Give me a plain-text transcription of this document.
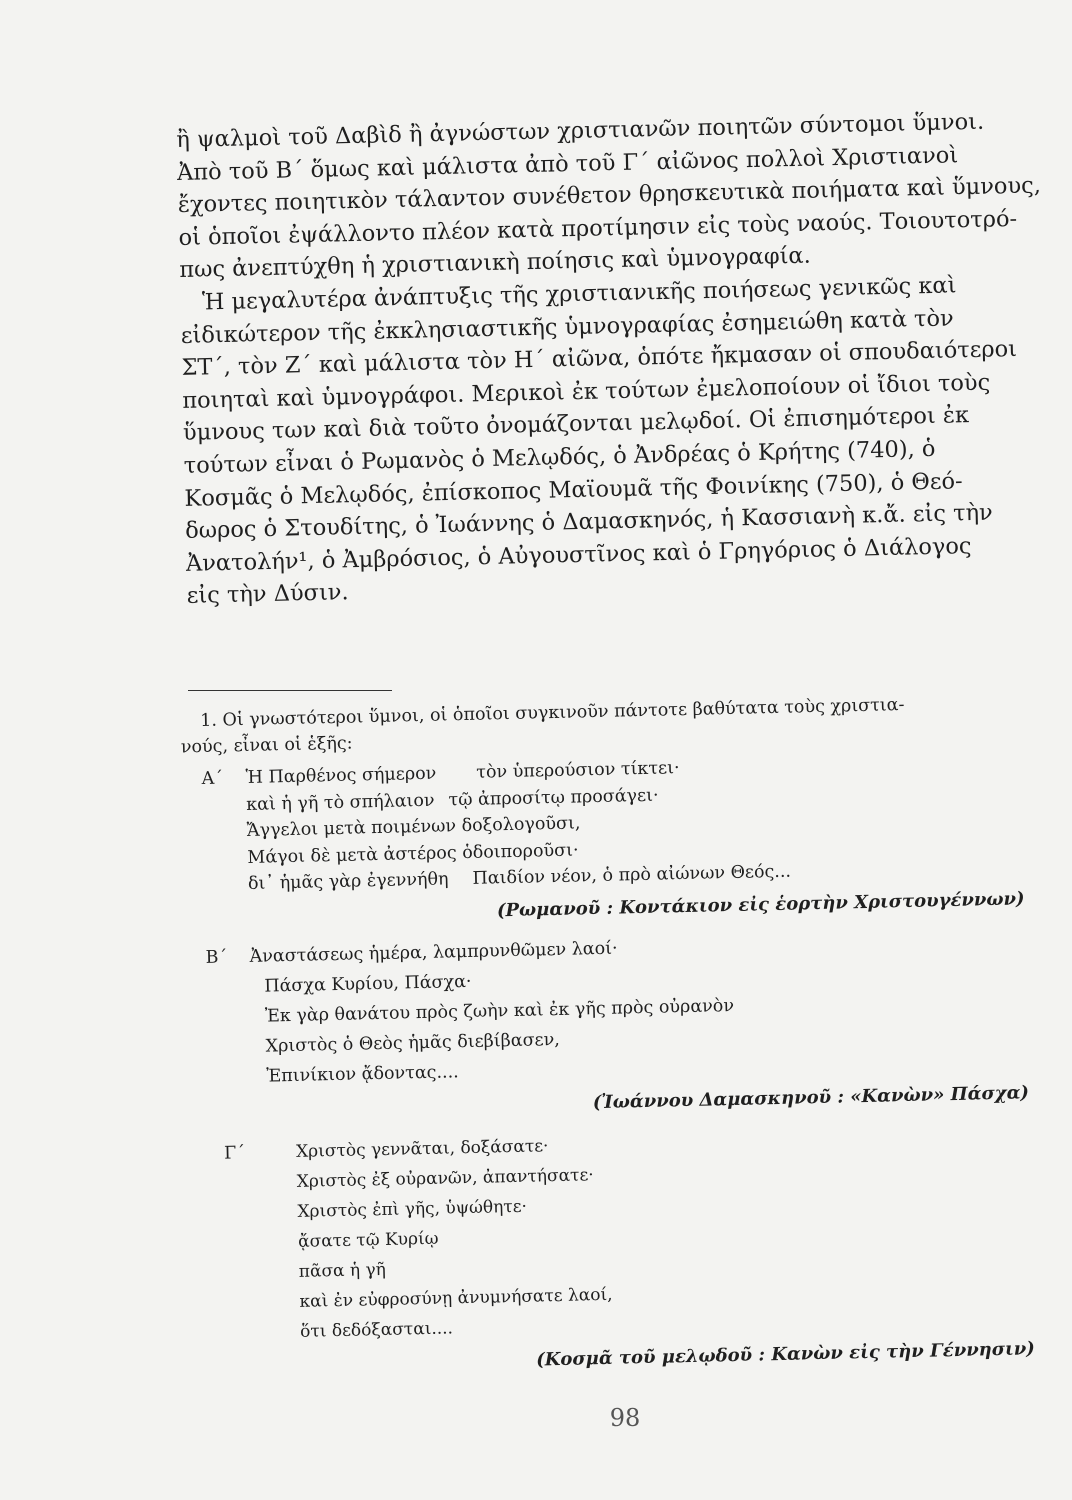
ἢ ψαλμοὶ τοῦ Δαβὶδ ἢ ἀγνώστων χριστιανῶν ποιητῶν σύντομοι ὕμνοι.
Ἀπὸ τοῦ Β΄ ὅμως καὶ μάλιστα ἀπὸ τοῦ Γ΄ αἰῶνος πολλοὶ Χριστιανοὶ
ἔχοντες ποιητικὸν τάλαντον συνέθετον θρησκευτικὰ ποιήματα καὶ ὕμνους,
οἱ ὁποῖοι ἐψάλλοντο πλέον κατὰ προτίμησιν εἰς τοὺς ναούς. Τοιουτοτρό-
πως ἀνεπτύχθη ἡ χριστιανικὴ ποίησις καὶ ὑμνογραφία.
Ἡ μεγαλυτέρα ἀνάπτυξις τῆς χριστιανικῆς ποιήσεως γενικῶς καὶ
εἰδικώτερον τῆς ἐκκλησιαστικῆς ὑμνογραφίας ἐσημειώθη κατὰ τὸν
ΣΤ΄, τὸν Ζ΄ καὶ μάλιστα τὸν Η΄ αἰῶνα, ὁπότε ἤκμασαν οἱ σπουδαιότεροι
ποιηταὶ καὶ ὑμνογράφοι. Μερικοὶ ἐκ τούτων ἐμελοποίουν οἱ ἴδιοι τοὺς
ὕμνους των καὶ διὰ τοῦτο ὀνομάζονται μελῳδοί. Οἱ ἐπισημότεροι ἐκ
τούτων εἶναι ὁ Ρωμανὸς ὁ Μελῳδός, ὁ Ἀνδρέας ὁ Κρήτης (740), ὁ
Κοσμᾶς ὁ Μελῳδός, ἐπίσκοπος Μαϊουμᾶ τῆς Φοινίκης (750), ὁ Θεό-
δωρος ὁ Στουδίτης, ὁ Ἰωάννης ὁ Δαμασκηνός, ἡ Κασσιανὴ κ.ἄ. εἰς τὴν
Ἀνατολήν¹, ὁ Ἀμβρόσιος, ὁ Αὐγουστῖνος καὶ ὁ Γρηγόριος ὁ Διάλογος
εἰς τὴν Δύσιν.
1. Οἱ γνωστότεροι ὕμνοι, οἱ ὁποῖοι συγκινοῦν πάντοτε βαθύτατα τοὺς χριστια-
νούς, εἶναι οἱ ἑξῆς:
Α΄	Ἡ Παρθένος σήμερον τὸν ὑπερούσιον τίκτει·
καὶ ἡ γῆ τὸ σπήλαιον τῷ ἀπροσίτῳ προσάγει·
Ἄγγελοι μετὰ ποιμένων δοξολογοῦσι,
Μάγοι δὲ μετὰ ἀστέρος ὁδοιποροῦσι·
δι᾿ ἡμᾶς γὰρ ἐγεννήθη Παιδίον νέον, ὁ πρὸ αἰώνων Θεός...
(Ρωμανοῦ : Κοντάκιον εἰς ἑορτὴν Χριστουγέννων)
Β΄	Ἀναστάσεως ἡμέρα, λαμπρυνθῶμεν λαοί·
Πάσχα Κυρίου, Πάσχα·
Ἐκ γὰρ θανάτου πρὸς ζωὴν καὶ ἐκ γῆς πρὸς οὐρανὸν
Χριστὸς ὁ Θεὸς ἡμᾶς διεβίβασεν,
Ἐπινίκιον ᾄδοντας....
(Ἰωάννου Δαμασκηνοῦ : «Κανὼν» Πάσχα)
Γ΄	Χριστὸς γεννᾶται, δοξάσατε·
Χριστὸς ἐξ οὐρανῶν, ἀπαντήσατε·
Χριστὸς ἐπὶ γῆς, ὑψώθητε·
ᾄσατε τῷ Κυρίῳ
πᾶσα ἡ γῆ
καὶ ἐν εὐφροσύνῃ ἀνυμνήσατε λαοί,
ὅτι δεδόξασται....
(Κοσμᾶ τοῦ μελῳδοῦ : Κανὼν εἰς τὴν Γέννησιν)
98
